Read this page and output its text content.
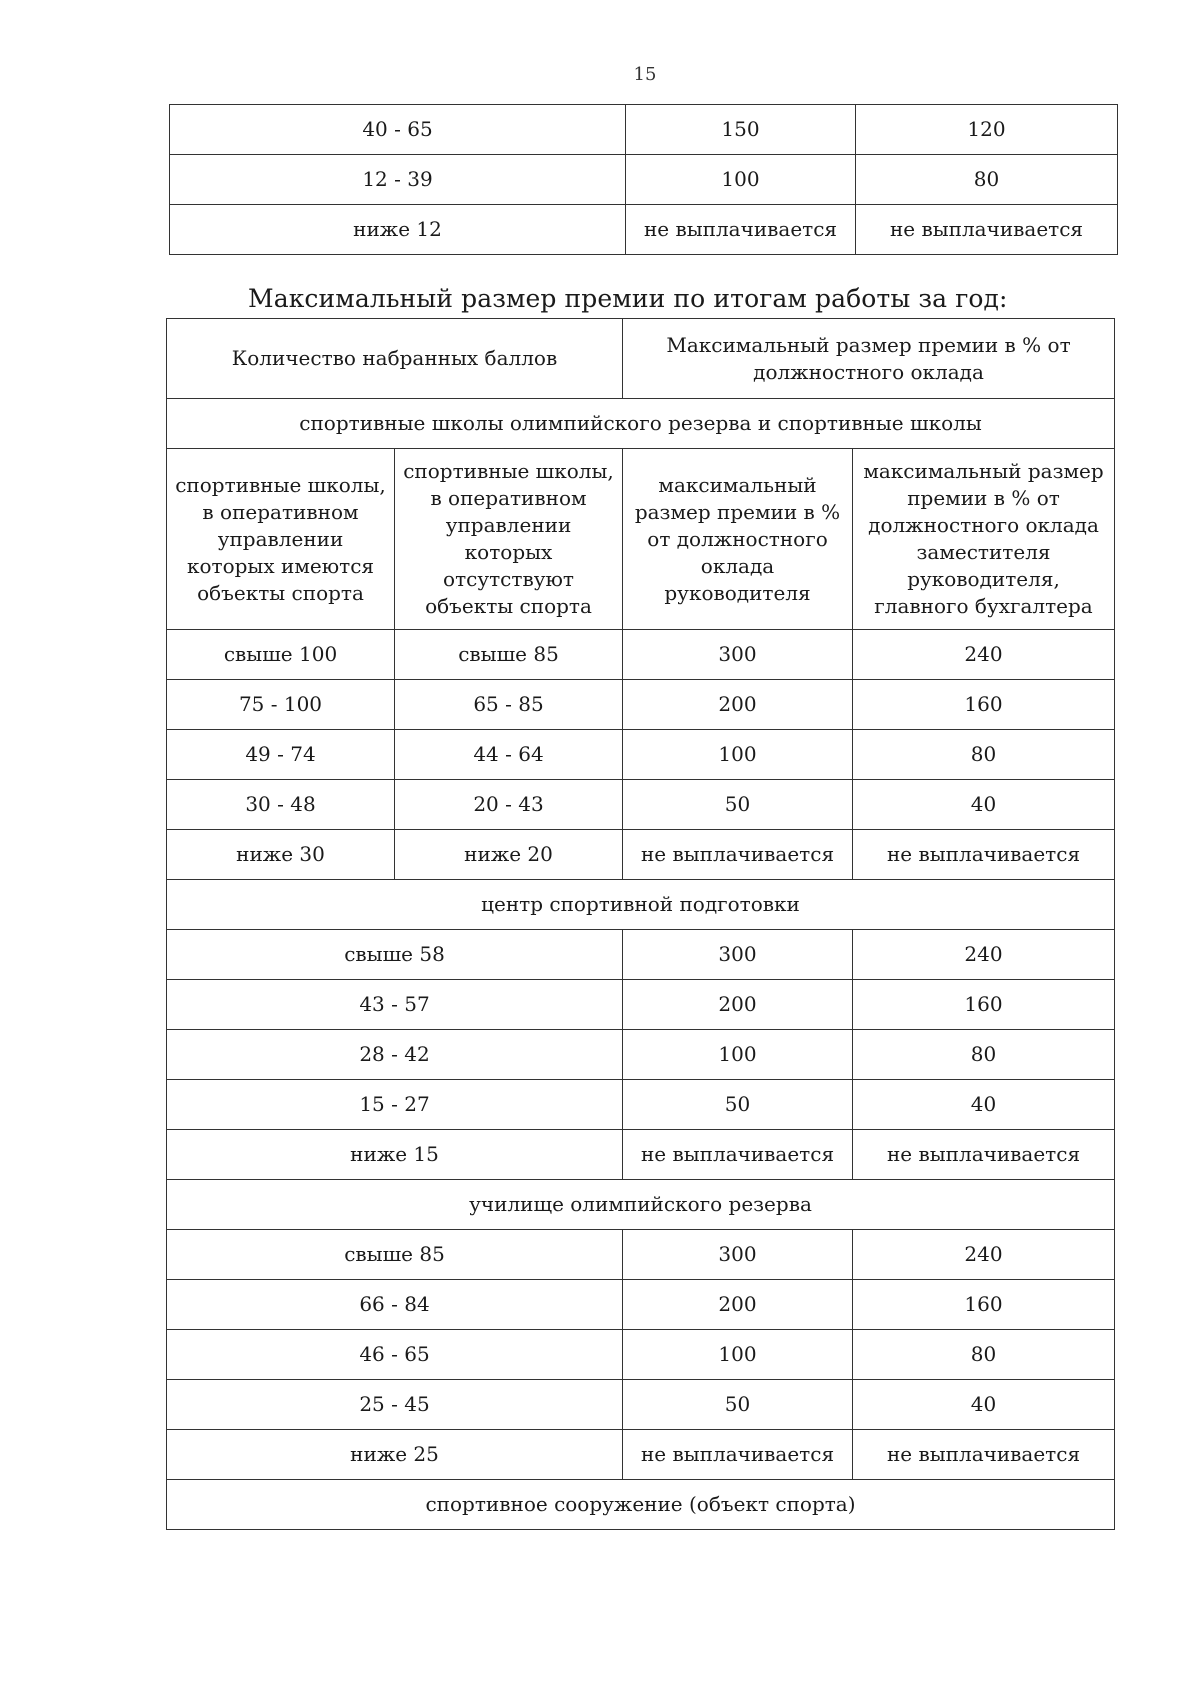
15
40 - 65	150	120
12 - 39	100	80
ниже 12	не выплачивается	не выплачивается
Максимальный размер премии по итогам работы за год:
Количество набранных баллов		Максимальный размер премии в % от должностного оклада	
спортивные школы олимпийского резерва и спортивные школы			
спортивные школы, в оперативном управлении которых имеются объекты спорта	спортивные школы, в оперативном управлении которых отсутствуют объекты спорта	максимальный размер премии в % от должностного оклада руководителя	максимальный размер премии в % от должностного оклада заместителя руководителя, главного бухгалтера
свыше 100	свыше 85	300	240
75 - 100	65 - 85	200	160
49 - 74	44 - 64	100	80
30 - 48	20 - 43	50	40
ниже 30	ниже 20	не выплачивается	не выплачивается
центр спортивной подготовки			
свыше 58		300	240
43 - 57		200	160
28 - 42		100	80
15 - 27		50	40
ниже 15		не выплачивается	не выплачивается
училище олимпийского резерва			
свыше 85		300	240
66 - 84		200	160
46 - 65		100	80
25 - 45		50	40
ниже 25		не выплачивается	не выплачивается
спортивное сооружение (объект спорта)			
